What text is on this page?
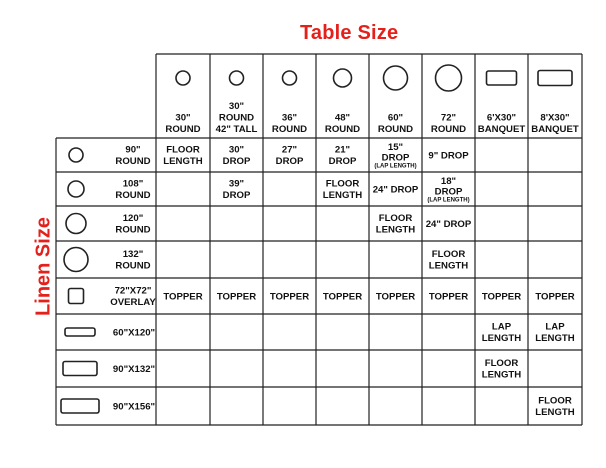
Table Size
Linen Size
30"
ROUND
30"
ROUND
42" TALL
36"
ROUND
48"
ROUND
60"
ROUND
72"
ROUND
6'X30"
BANQUET
8'X30"
BANQUET
90"
ROUND
FLOOR
LENGTH
30"
DROP
27"
DROP
21"
DROP
15"
DROP
(LAP LENGTH)
9" DROP
108"
ROUND
39"
DROP
FLOOR
LENGTH
24" DROP
18"
DROP
(LAP LENGTH)
120"
ROUND
FLOOR
LENGTH
24" DROP
132"
ROUND
FLOOR
LENGTH
72"X72"
OVERLAY
TOPPER TOPPER TOPPER TOPPER TOPPER TOPPER TOPPER TOPPER
60"X120"
LAP
LENGTH
LAP
LENGTH
90"X132"
FLOOR
LENGTH
90"X156"
FLOOR
LENGTH
